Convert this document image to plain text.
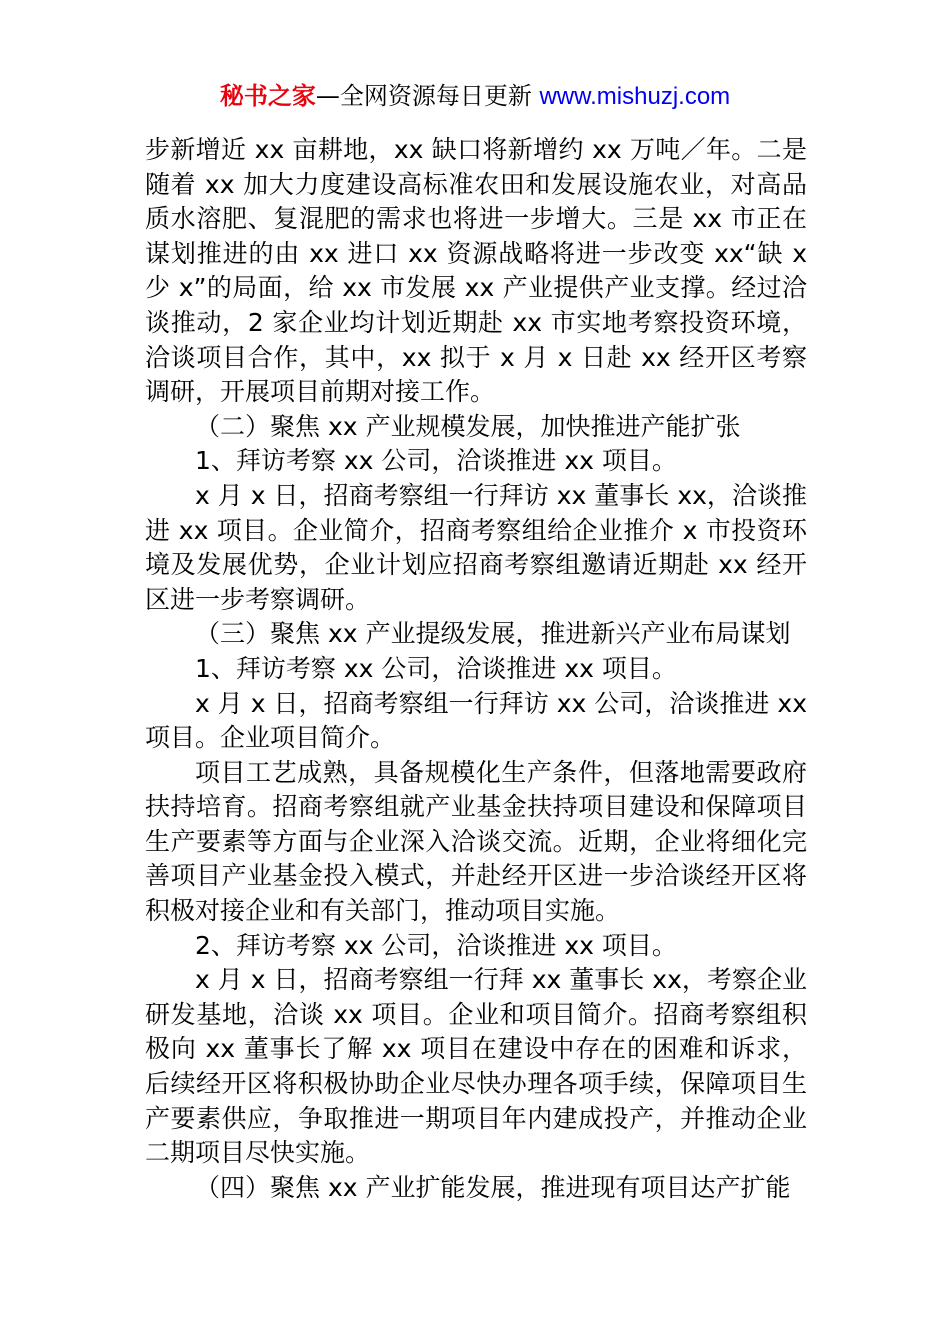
秘书之家—全网资源每日更新 www.mishuzj.com

步新增近 xx 亩耕地，xx 缺口将新增约 xx 万吨／年。二是随着 xx 加大力度建设高标准农田和发展设施农业，对高品质水溶肥、复混肥的需求也将进一步增大。三是 xx 市正在谋划推进的由 xx 进口 xx 资源战略将进一步改变 xx“缺 x 少 x”的局面，给 xx 市发展 xx 产业提供产业支撑。经过洽谈推动，2 家企业均计划近期赴 xx 市实地考察投资环境，洽谈项目合作，其中，xx 拟于 x 月 x 日赴 xx 经开区考察调研，开展项目前期对接工作。

（二）聚焦 xx 产业规模发展，加快推进产能扩张

1、拜访考察 xx 公司，洽谈推进 xx 项目。

x 月 x 日，招商考察组一行拜访 xx 董事长 xx，洽谈推进 xx 项目。企业简介，招商考察组给企业推介 x 市投资环境及发展优势，企业计划应招商考察组邀请近期赴 xx 经开区进一步考察调研。

（三）聚焦 xx 产业提级发展，推进新兴产业布局谋划

1、拜访考察 xx 公司，洽谈推进 xx 项目。

x 月 x 日，招商考察组一行拜访 xx 公司，洽谈推进 xx 项目。企业项目简介。

项目工艺成熟，具备规模化生产条件，但落地需要政府扶持培育。招商考察组就产业基金扶持项目建设和保障项目生产要素等方面与企业深入洽谈交流。近期，企业将细化完善项目产业基金投入模式，并赴经开区进一步洽谈经开区将积极对接企业和有关部门，推动项目实施。

2、拜访考察 xx 公司，洽谈推进 xx 项目。

x 月 x 日，招商考察组一行拜 xx 董事长 xx，考察企业研发基地，洽谈 xx 项目。企业和项目简介。招商考察组积极向 xx 董事长了解 xx 项目在建设中存在的困难和诉求，后续经开区将积极协助企业尽快办理各项手续，保障项目生产要素供应，争取推进一期项目年内建成投产，并推动企业二期项目尽快实施。

（四）聚焦 xx 产业扩能发展，推进现有项目达产扩能
